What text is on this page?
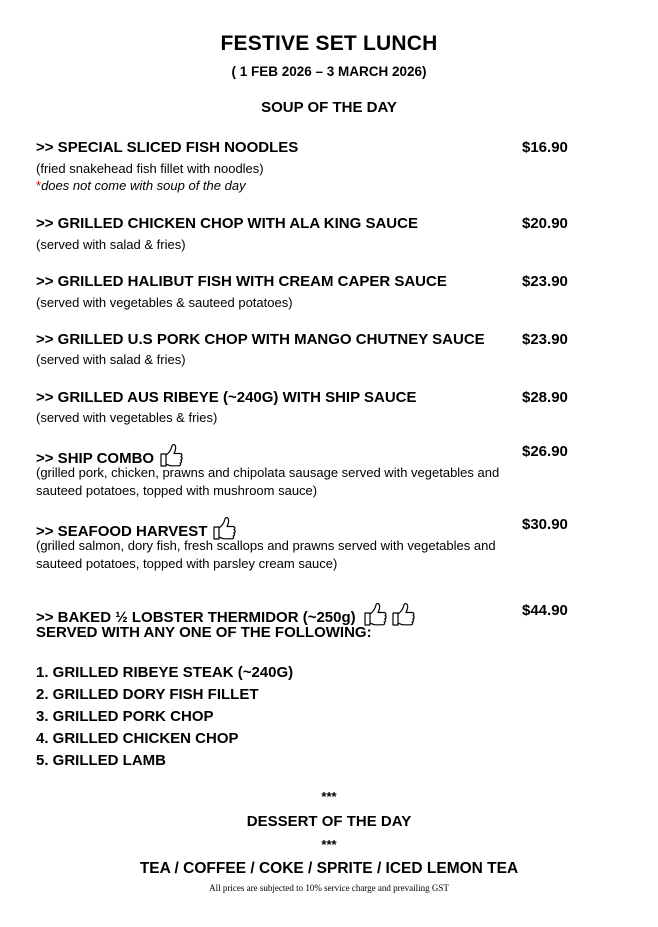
FESTIVE SET LUNCH
( 1 FEB 2026 – 3 MARCH 2026)
SOUP OF THE DAY
>> SPECIAL SLICED FISH NOODLES	$16.90
(fried snakehead fish fillet with noodles)
*does not come with soup of the day
>> GRILLED CHICKEN CHOP WITH ALA KING SAUCE	$20.90
(served with salad & fries)
>> GRILLED HALIBUT FISH WITH CREAM CAPER SAUCE	$23.90
(served with vegetables & sauteed potatoes)
>> GRILLED U.S PORK CHOP WITH MANGO CHUTNEY SAUCE $23.90
(served with salad & fries)
>> GRILLED AUS RIBEYE (~240G) WITH SHIP SAUCE	$28.90
(served with vegetables & fries)
>> SHIP COMBO	$26.90
(grilled pork, chicken, prawns and chipolata sausage served with vegetables and sauteed potatoes, topped with mushroom sauce)
>> SEAFOOD HARVEST	$30.90
(grilled salmon, dory fish, fresh scallops and prawns served with vegetables and sauteed potatoes, topped with parsley cream sauce)
>> BAKED ½ LOBSTER THERMIDOR (~250g)	$44.90
SERVED WITH ANY ONE OF THE FOLLOWING:
1. GRILLED RIBEYE STEAK (~240G)
2. GRILLED DORY FISH FILLET
3. GRILLED PORK CHOP
4. GRILLED CHICKEN CHOP
5. GRILLED LAMB
***
DESSERT OF THE DAY
***
TEA / COFFEE / COKE / SPRITE / ICED LEMON TEA
All prices are subjected to 10% service charge and prevailing GST
